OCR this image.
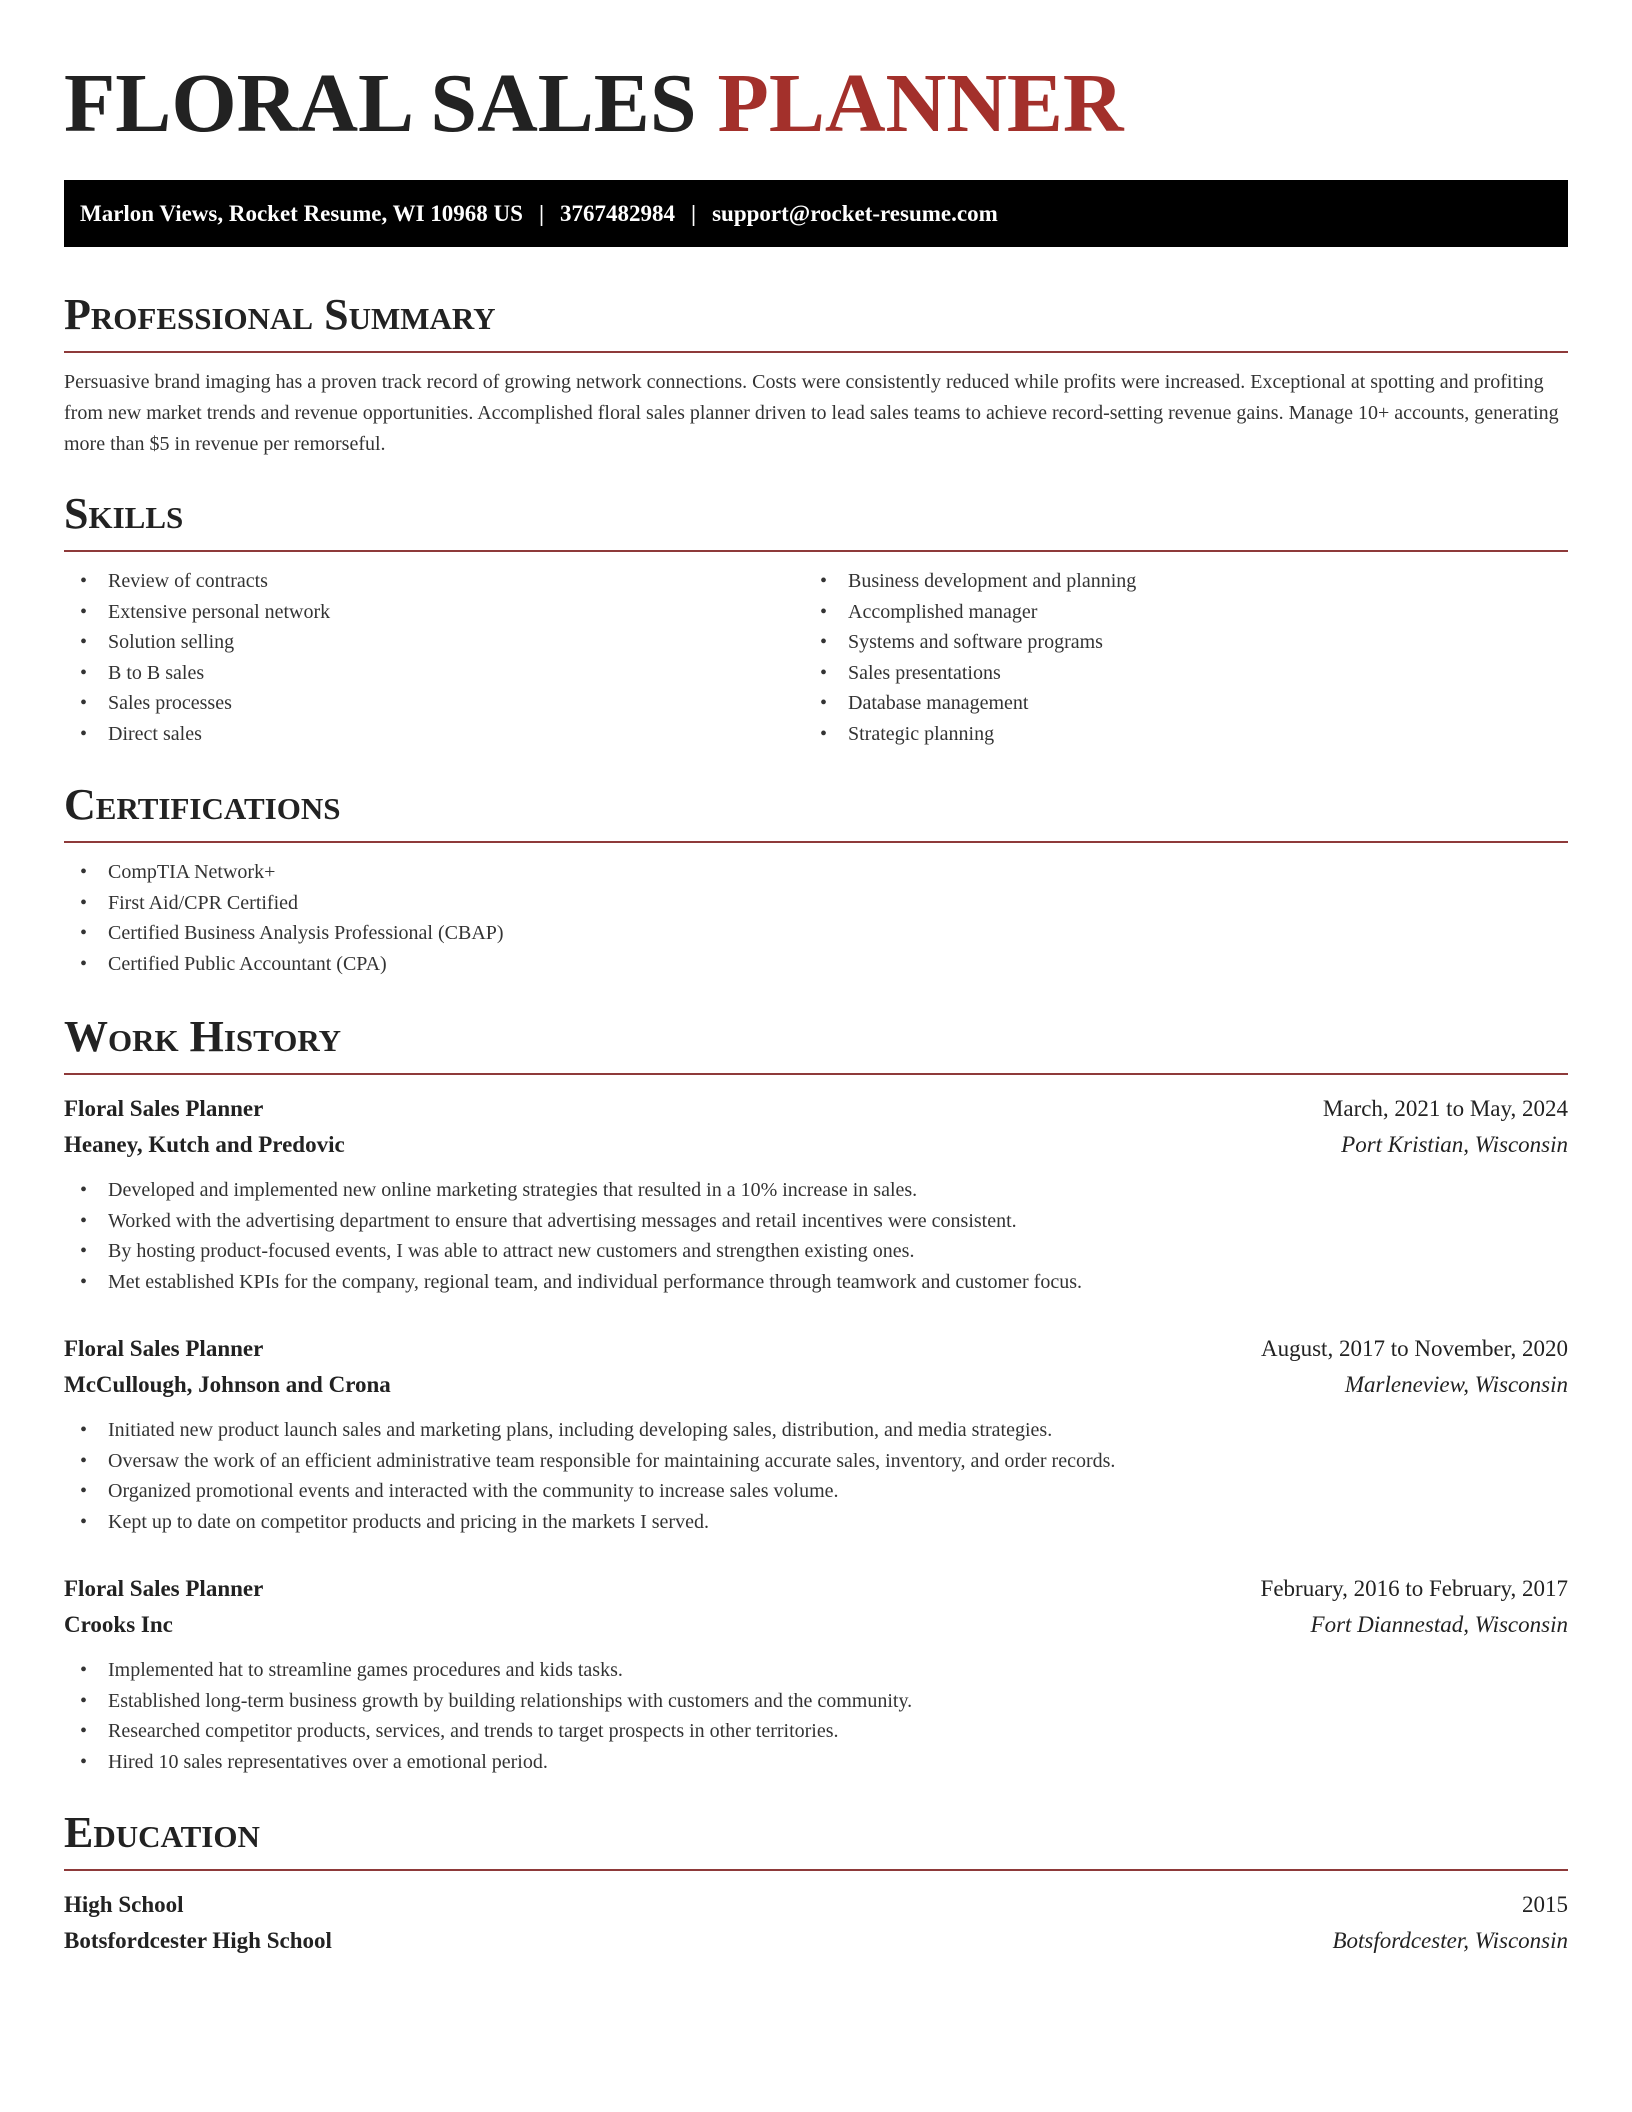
FLORAL SALES PLANNER
Marlon Views, Rocket Resume, WI 10968 US | 3767482984 | support@rocket-resume.com
Professional Summary

Persuasive brand imaging has a proven track record of growing network connections. Costs were consistently reduced while profits were increased. Exceptional at spotting and profiting from new market trends and revenue opportunities. Accomplished floral sales planner driven to lead sales teams to achieve record-setting revenue gains. Manage 10+ accounts, generating more than $5 in revenue per remorseful.

Skills
• Review of contracts
• Extensive personal network
• Solution selling
• B to B sales
• Sales processes
• Direct sales
• Business development and planning
• Accomplished manager
• Systems and software programs
• Sales presentations
• Database management
• Strategic planning
Certifications
• CompTIA Network+
• First Aid/CPR Certified
• Certified Business Analysis Professional (CBAP)
• Certified Public Accountant (CPA)
Work History
Floral Sales Planner	March, 2021 to May, 2024
Heaney, Kutch and Predovic	Port Kristian, Wisconsin
• Developed and implemented new online marketing strategies that resulted in a 10% increase in sales.
• Worked with the advertising department to ensure that advertising messages and retail incentives were consistent.
• By hosting product-focused events, I was able to attract new customers and strengthen existing ones.
• Met established KPIs for the company, regional team, and individual performance through teamwork and customer focus.
Floral Sales Planner	August, 2017 to November, 2020
McCullough, Johnson and Crona	Marleneview, Wisconsin
• Initiated new product launch sales and marketing plans, including developing sales, distribution, and media strategies.
• Oversaw the work of an efficient administrative team responsible for maintaining accurate sales, inventory, and order records.
• Organized promotional events and interacted with the community to increase sales volume.
• Kept up to date on competitor products and pricing in the markets I served.
Floral Sales Planner	February, 2016 to February, 2017
Crooks Inc	Fort Diannestad, Wisconsin
• Implemented hat to streamline games procedures and kids tasks.
• Established long-term business growth by building relationships with customers and the community.
• Researched competitor products, services, and trends to target prospects in other territories.
• Hired 10 sales representatives over a emotional period.
Education
High School	2015
Botsfordcester High School	Botsfordcester, Wisconsin
